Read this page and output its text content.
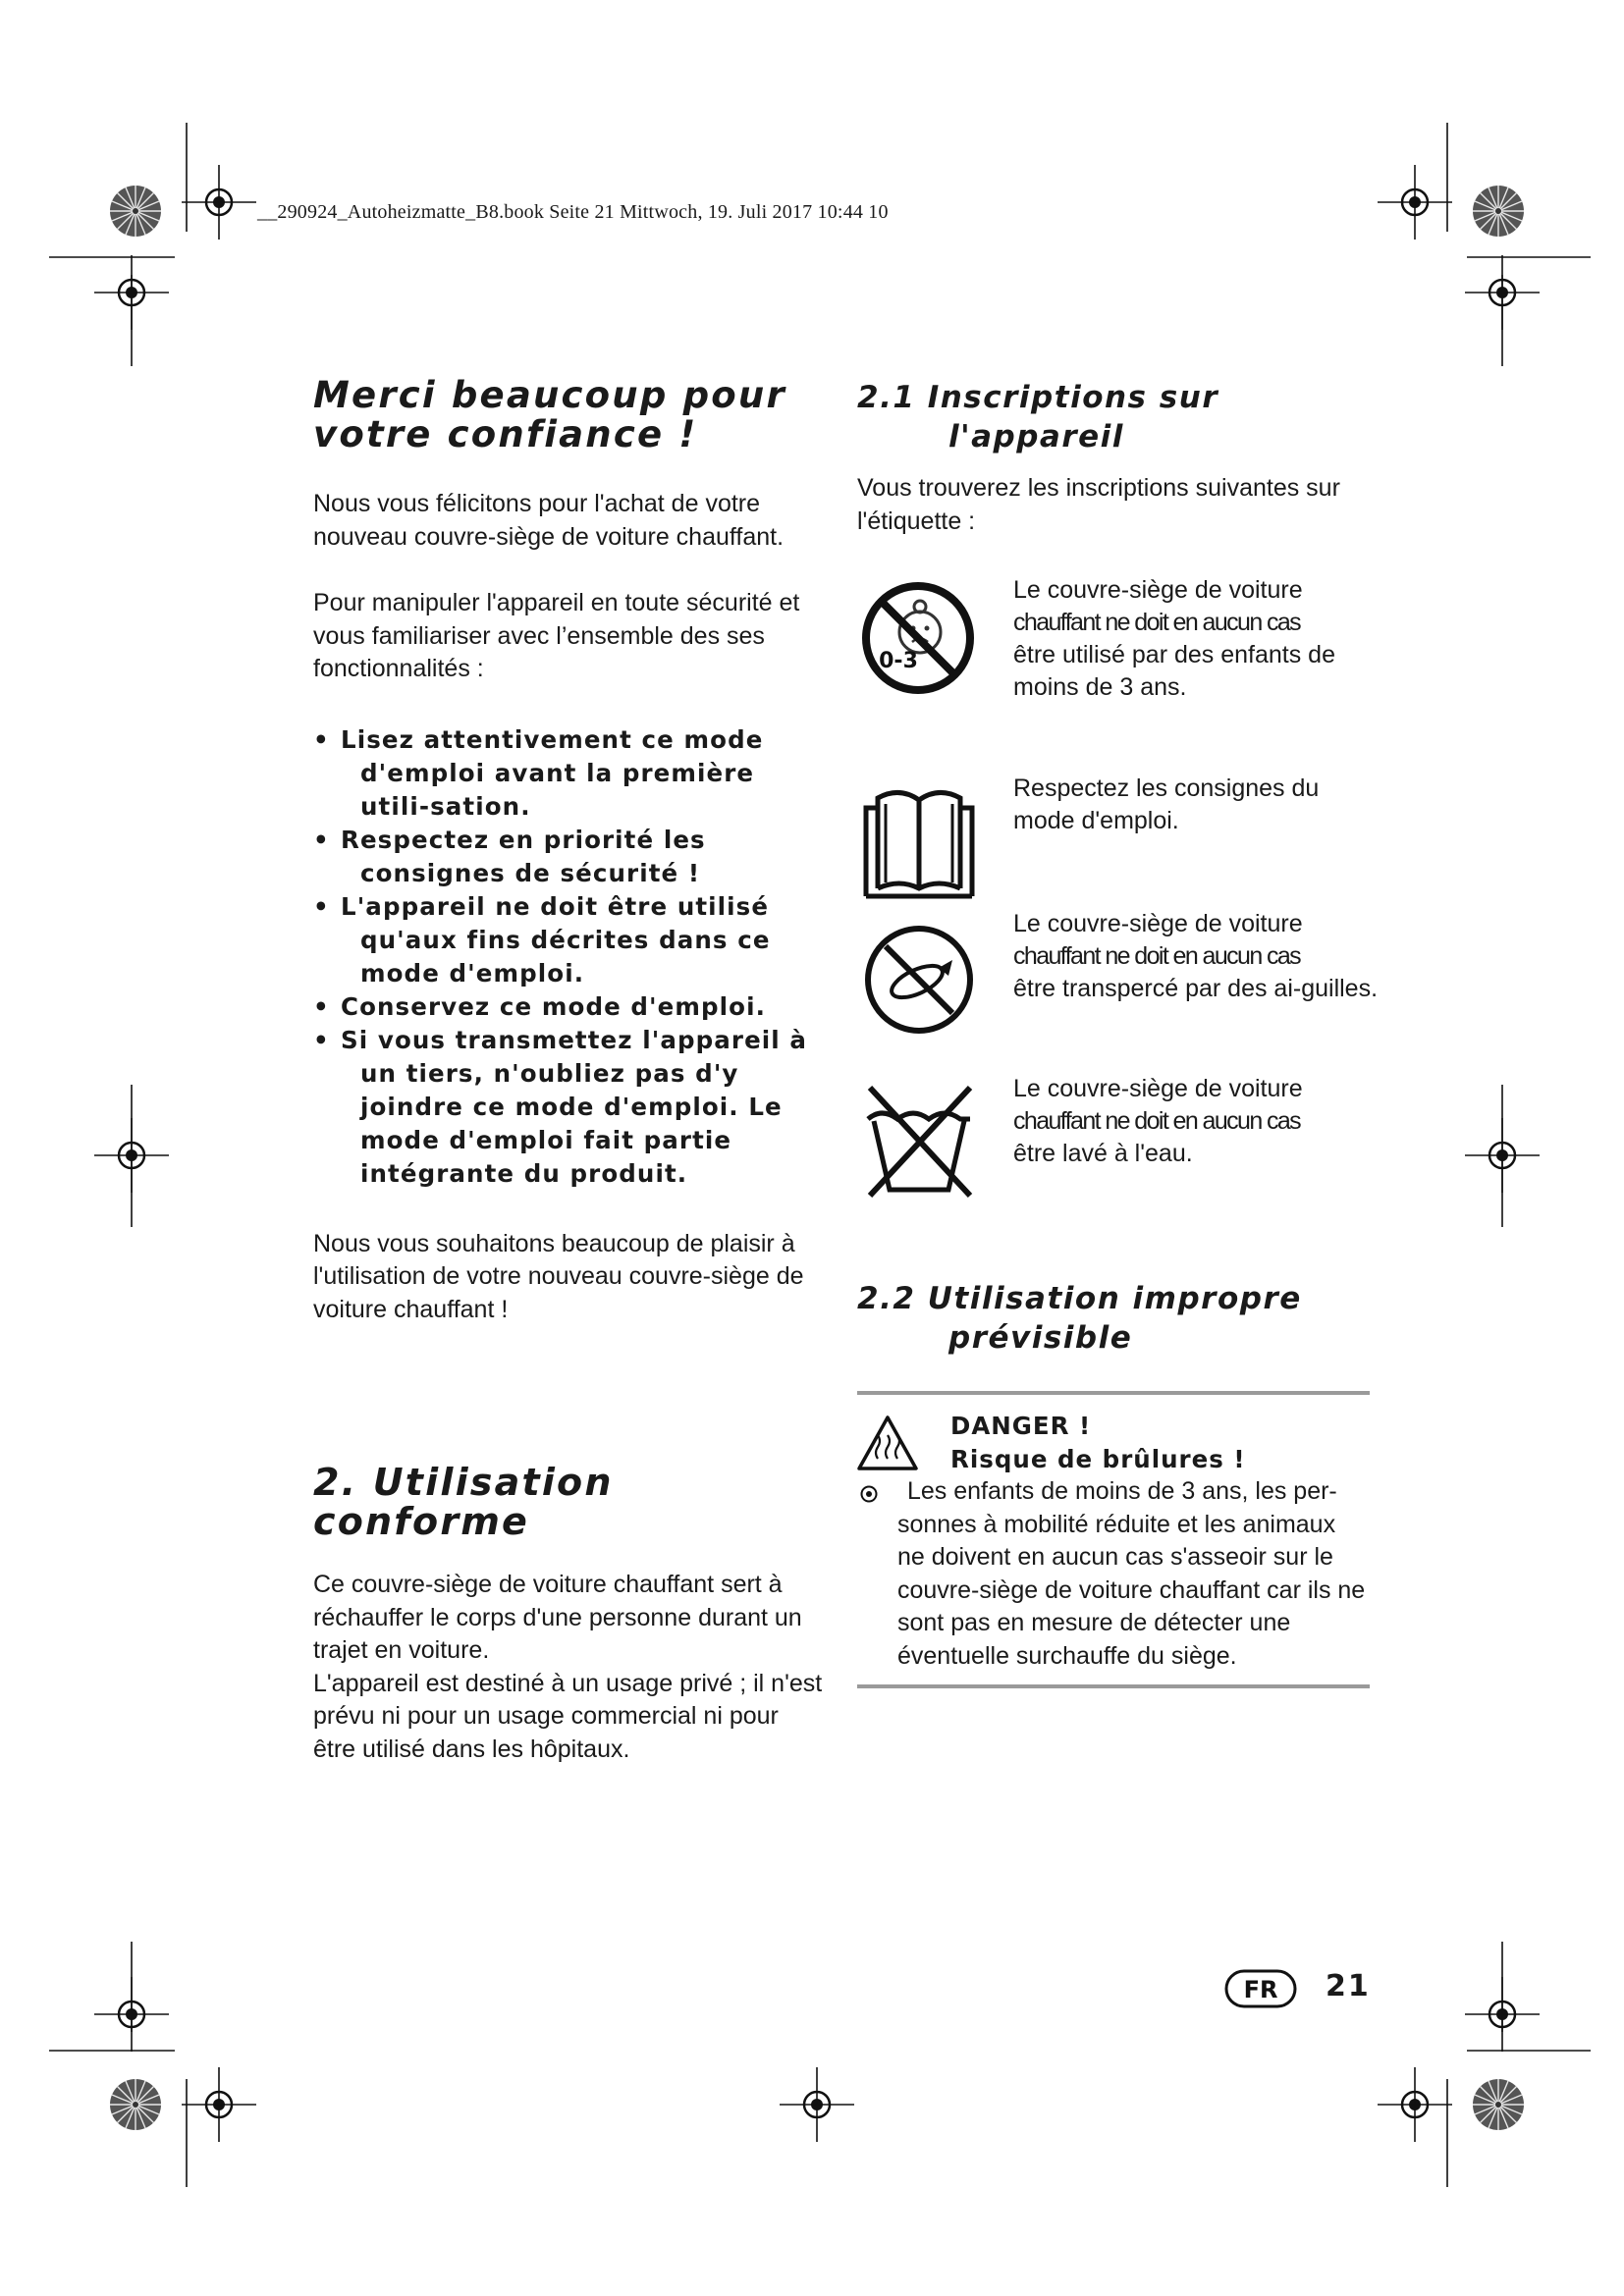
__290924_Autoheizmatte_B8.book Seite 21 Mittwoch, 19. Juli 2017 10:44 10
Merci beaucoup pour
votre confiance !

Nous vous félicitons pour l'achat de votre nouveau couvre-siège de voiture chauffant.

Pour manipuler l'appareil en toute sécurité et vous familiariser avec l’ensemble des ses fonctionnalités :

• Lisez attentivement ce mode d'emploi avant la première utili-sation.
• Respectez en priorité les consignes de sécurité !
• L'appareil ne doit être utilisé qu'aux fins décrites dans ce mode d'emploi.
• Conservez ce mode d'emploi.
• Si vous transmettez l'appareil à un tiers, n'oubliez pas d'y joindre ce mode d'emploi. Le mode d'emploi fait partie intégrante du produit.

Nous vous souhaitons beaucoup de plaisir à l'utilisation de votre nouveau couvre-siège de voiture chauffant !

2. Utilisation conforme

Ce couvre-siège de voiture chauffant sert à réchauffer le corps d'une personne durant un trajet en voiture.

L'appareil est destiné à un usage privé ; il n'est prévu ni pour un usage commercial ni pour être utilisé dans les hôpitaux.

2.1 Inscriptions sur
l'appareil
Vous trouverez les inscriptions suivantes sur l'étiquette :
0-3
Le couvre-siège de voiture
chauffant ne doit en aucun cas
être utilisé par des enfants de moins de 3 ans.
Respectez les consignes du mode d'emploi.
Le couvre-siège de voiture
chauffant ne doit en aucun cas
être transpercé par des ai-guilles.
Le couvre-siège de voiture
chauffant ne doit en aucun cas
être lavé à l'eau.
2.2 Utilisation impropre
prévisible
DANGER !
Risque de brûlures !
Les enfants de moins de 3 ans, les per-sonnes à mobilité réduite et les animaux ne doivent en aucun cas s'asseoir sur le couvre-siège de voiture chauffant car ils ne sont pas en mesure de détecter une éventuelle surchauffe du siège.
FR 21
